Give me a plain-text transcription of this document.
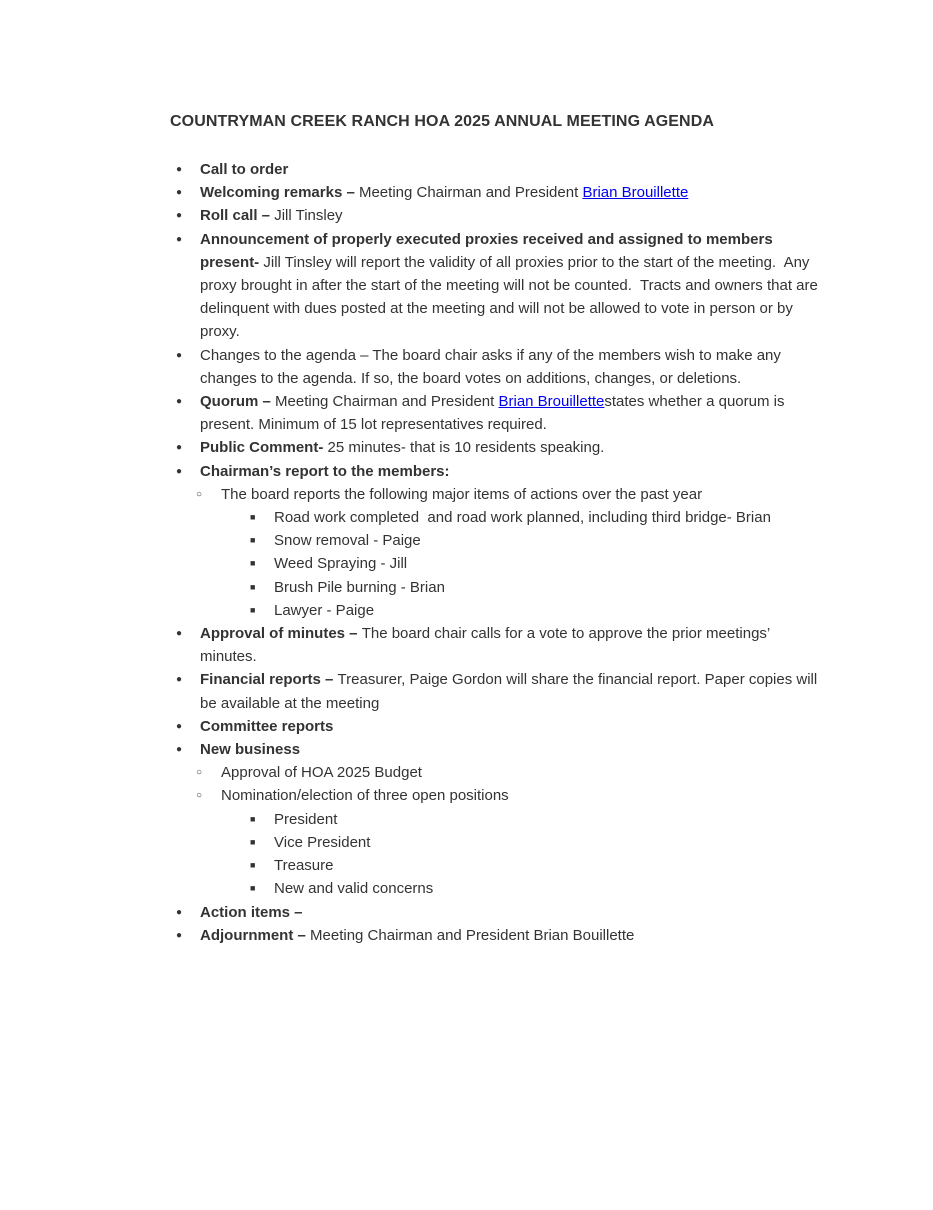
COUNTRYMAN CREEK RANCH HOA 2025 ANNUAL MEETING AGENDA
● Call to order
● Welcoming remarks – Meeting Chairman and President Brian Brouillette
● Roll call – Jill Tinsley
● Announcement of properly executed proxies received and assigned to members present- Jill Tinsley will report the validity of all proxies prior to the start of the meeting.  Any proxy brought in after the start of the meeting will not be counted.  Tracts and owners that are delinquent with dues posted at the meeting and will not be allowed to vote in person or by proxy.
● Changes to the agenda – The board chair asks if any of the members wish to make any changes to the agenda. If so, the board votes on additions, changes, or deletions.
● Quorum – Meeting Chairman and President Brian Brouillettestates whether a quorum is present. Minimum of 15 lot representatives required.
● Public Comment- 25 minutes- that is 10 residents speaking.
● Chairman’s report to the members:
○ The board reports the following major items of actions over the past year
■ Road work completed  and road work planned, including third bridge- Brian
■ Snow removal - Paige
■ Weed Spraying - Jill
■ Brush Pile burning - Brian
■ Lawyer - Paige
● Approval of minutes – The board chair calls for a vote to approve the prior meetings’ minutes.
● Financial reports – Treasurer, Paige Gordon will share the financial report. Paper copies will be available at the meeting
● Committee reports
● New business
○ Approval of HOA 2025 Budget
○ Nomination/election of three open positions
■ President
■ Vice President
■ Treasure
■ New and valid concerns
● Action items –
● Adjournment – Meeting Chairman and President Brian Bouillette
